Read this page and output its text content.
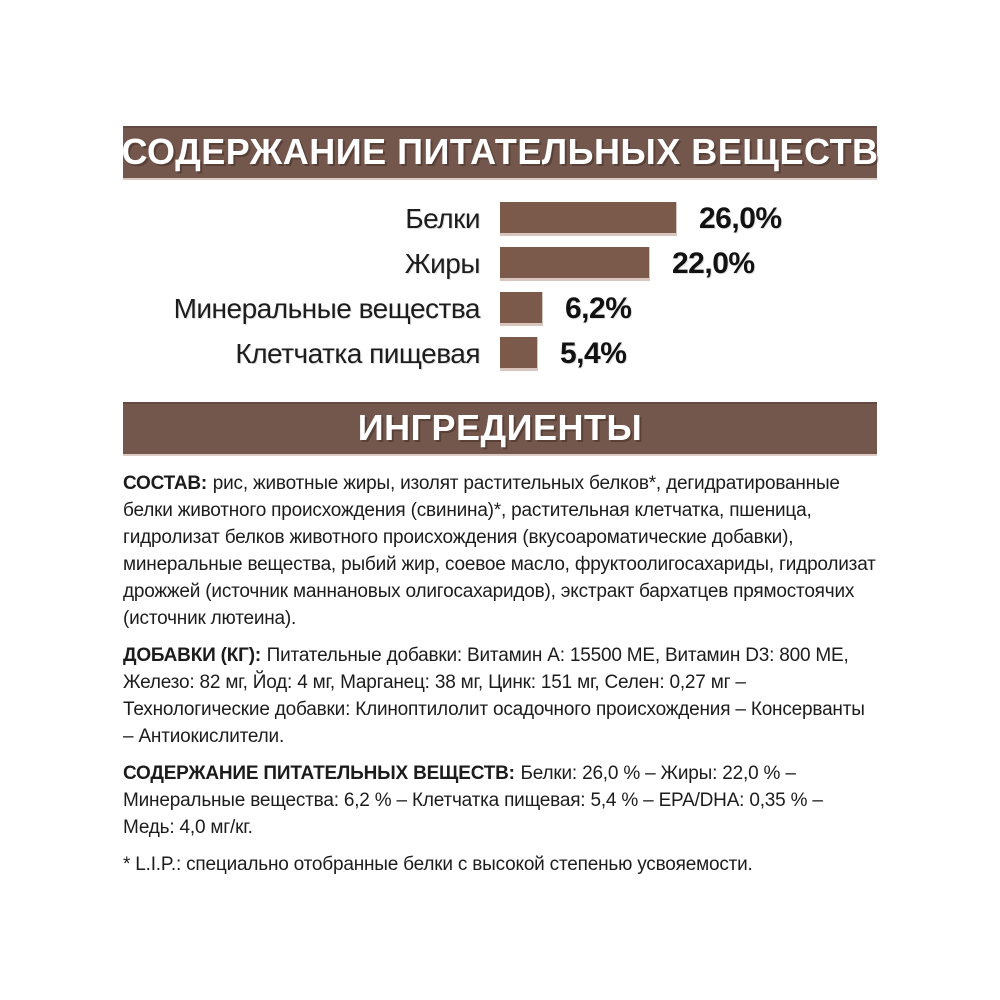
СОДЕРЖАНИЕ ПИТАТЕЛЬНЫХ ВЕЩЕСТВ
Белки	26,0%
Жиры	22,0%
Минеральные вещества	6,2%
Клетчатка пищевая	5,4%
ИНГРЕДИЕНТЫ

СОСТАВ: рис, животные жиры, изолят растительных белков*, дегидратированные белки животного происхождения (свинина)*, растительная клетчатка, пшеница, гидролизат белков животного происхождения (вкусоароматические добавки), минеральные вещества, рыбий жир, соевое масло, фруктоолигосахариды, гидролизат дрожжей (источник маннановых олигосахаридов), экстракт бархатцев прямостоячих (источник лютеина).

ДОБАВКИ (КГ): Питательные добавки: Витамин A: 15500 МЕ, Витамин D3: 800 МЕ, Железо: 82 мг, Йод: 4 мг, Марганец: 38 мг, Цинк: 151 мг, Селен: 0,27 мг – Технологические добавки: Клиноптилолит осадочного происхождения – Консерванты – Антиокислители.

СОДЕРЖАНИЕ ПИТАТЕЛЬНЫХ ВЕЩЕСТВ: Белки: 26,0 % – Жиры: 22,0 % – Минеральные вещества: 6,2 % – Клетчатка пищевая: 5,4 % – EPA/DHA: 0,35 % – Медь: 4,0 мг/кг.

* L.I.P.: специально отобранные белки с высокой степенью усвояемости.
